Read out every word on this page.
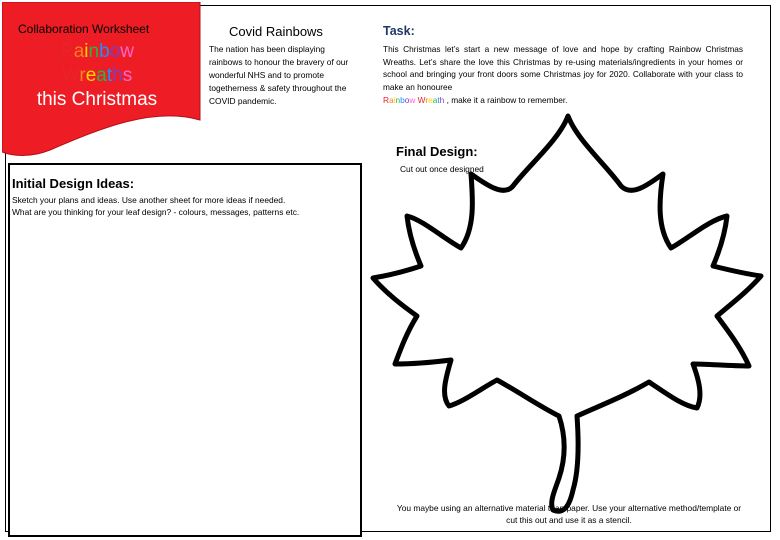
Collaboration Worksheet
Rainbow
Wreaths
this Christmas
Covid Rainbows

The nation has been displaying rainbows to honour the bravery of our wonderful NHS and to promote togetherness & safety throughout the COVID pandemic.

Task:

This Christmas let’s start a new message of love and hope by crafting Rainbow Christmas Wreaths. Let’s share the love this Christmas by re-using materials/ingredients in your homes or school and bringing your front doors some Christmas joy for 2020. Collaborate with your class to make an honouree
Rainbow Wreath , make it a rainbow to remember.

Final Design:
Cut out once designed
You maybe using an alternative material than paper. Use your alternative method/template or cut this out and use it as a stencil.
Initial Design Ideas:
Sketch your plans and ideas. Use another sheet for more ideas if needed.
What are you thinking for your leaf design? - colours, messages, patterns etc.
